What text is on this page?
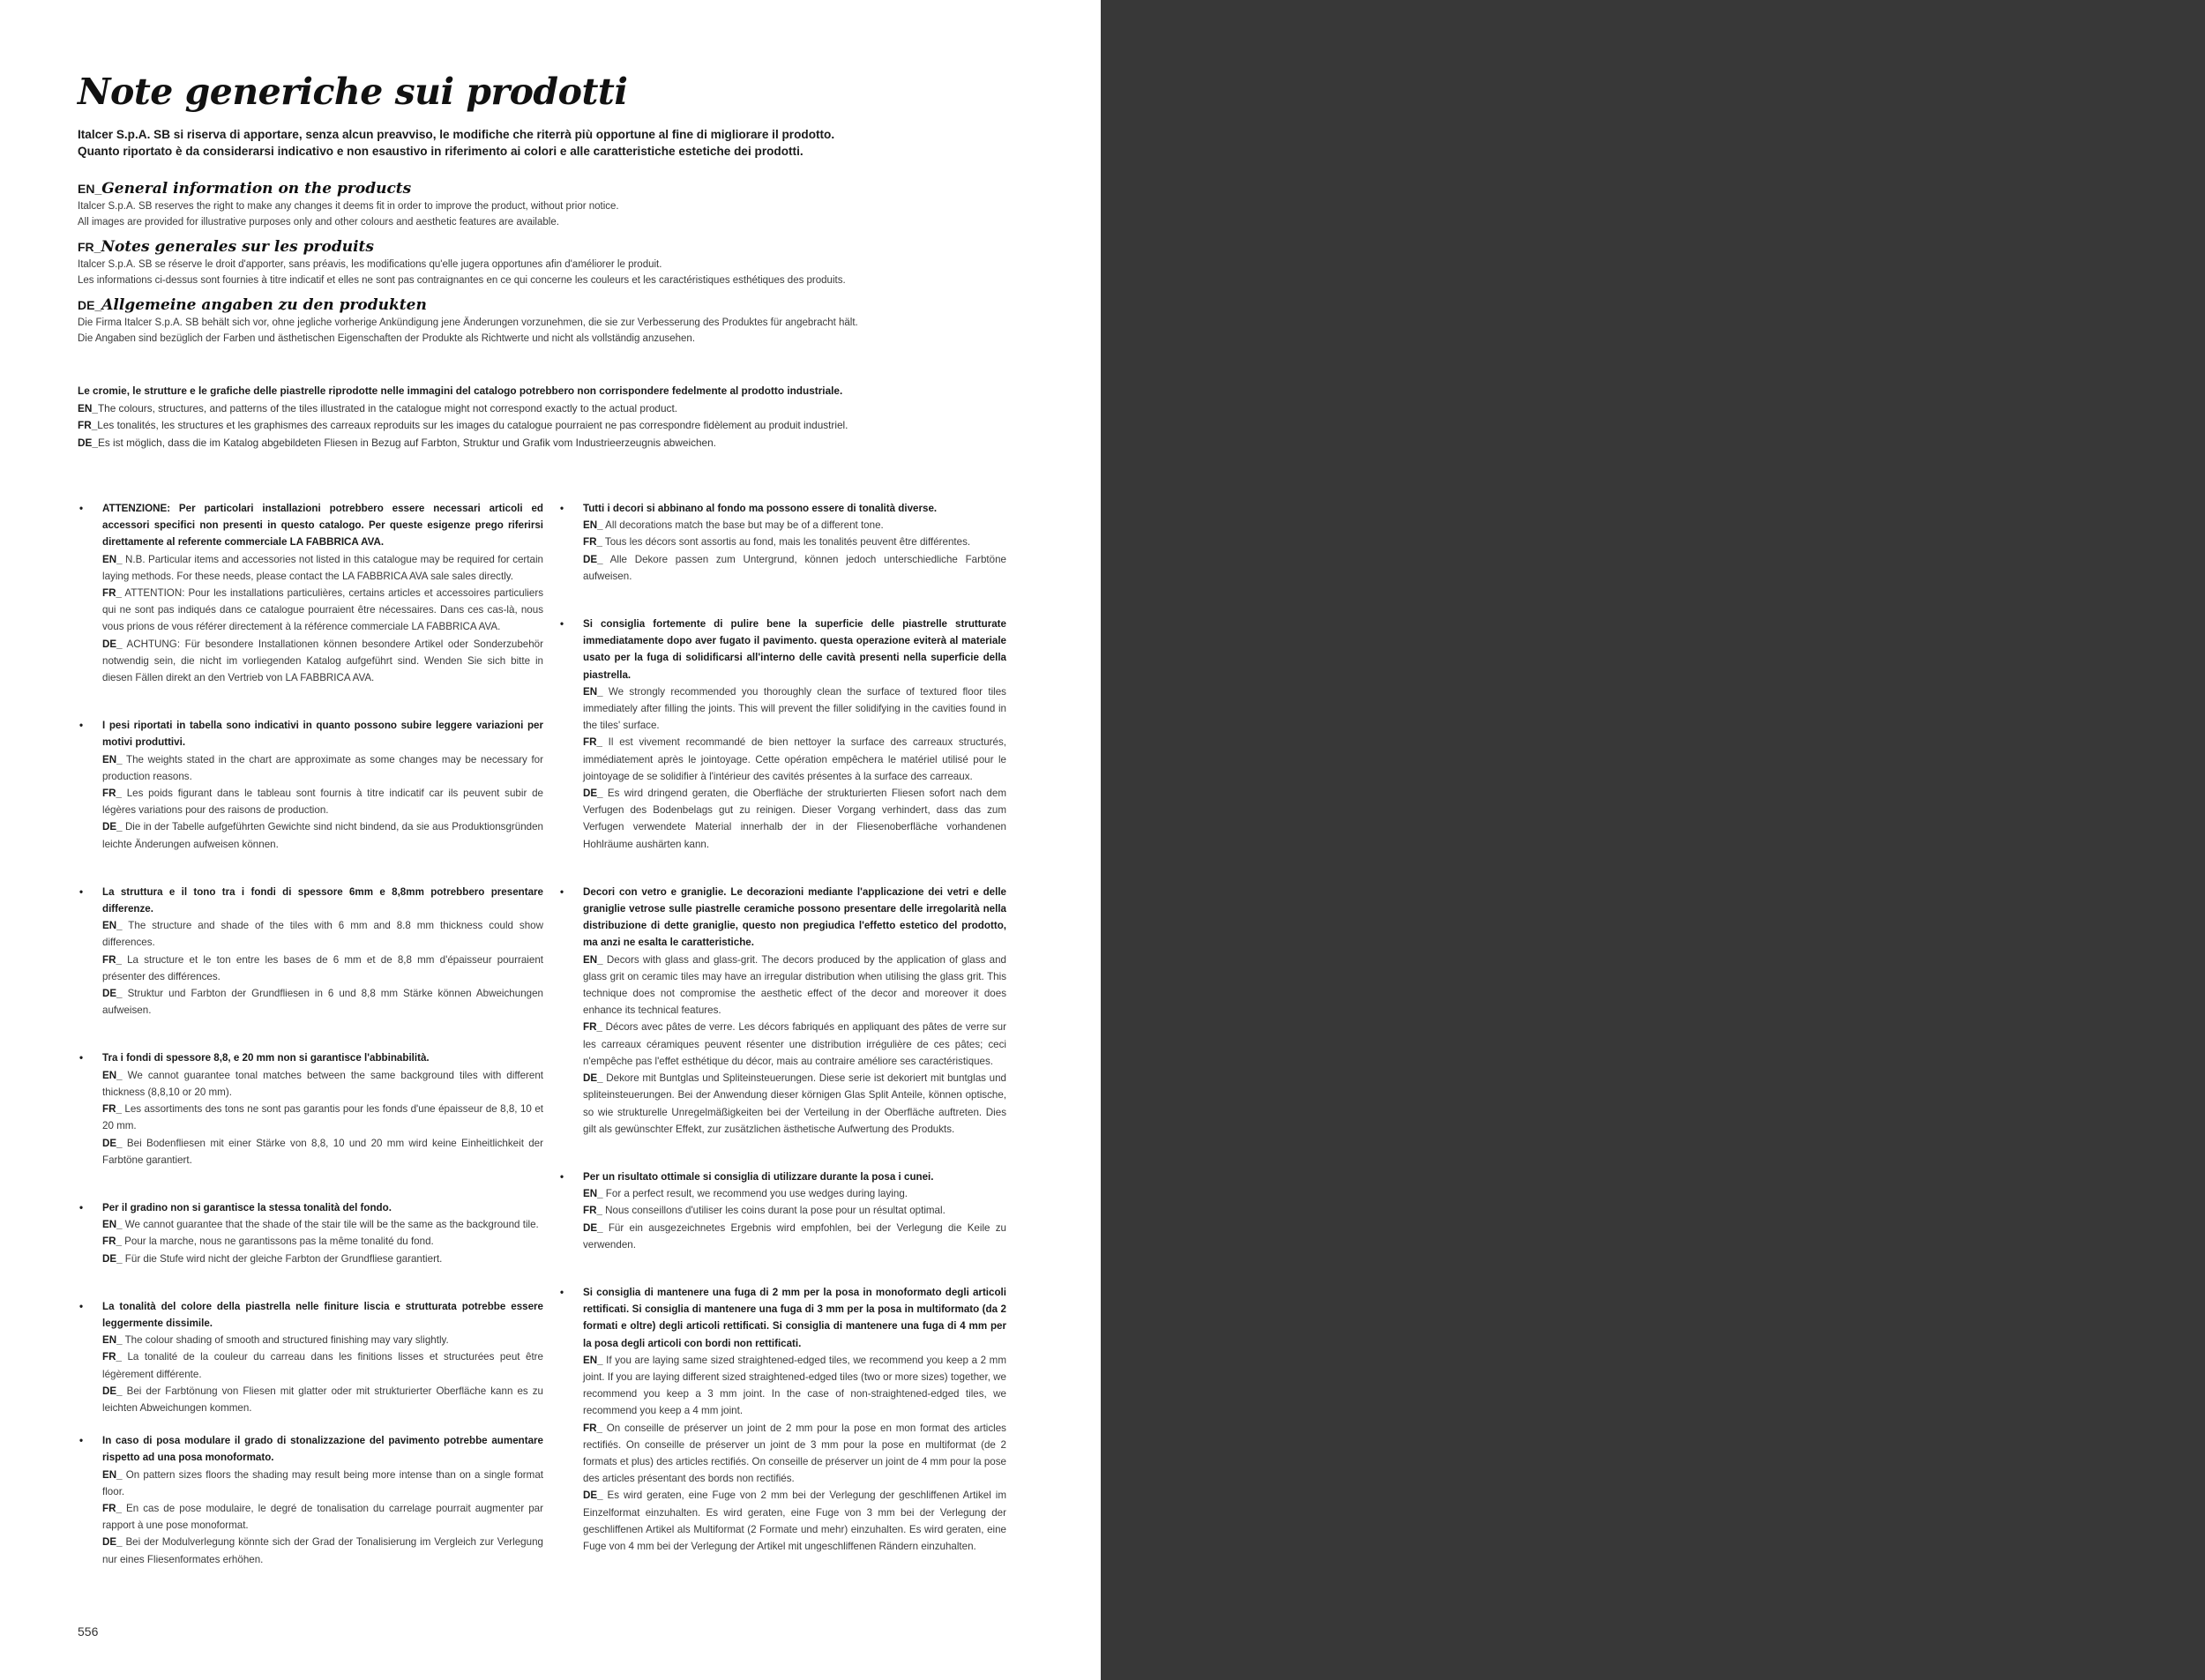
Note generiche sui prodotti

Italcer S.p.A. SB si riserva di apportare, senza alcun preavviso, le modifiche che riterrà più opportune al fine di migliorare il prodotto.

Quanto riportato è da considerarsi indicativo e non esaustivo in riferimento ai colori e alle caratteristiche estetiche dei prodotti.

EN_General information on the products

Italcer S.p.A. SB reserves the right to make any changes it deems fit in order to improve the product, without prior notice.

All images are provided for illustrative purposes only and other colours and aesthetic features are available.

FR_Notes generales sur les produits

Italcer S.p.A. SB se réserve le droit d'apporter, sans préavis, les modifications qu'elle jugera opportunes afin d'améliorer le produit.

Les informations ci-dessus sont fournies à titre indicatif et elles ne sont pas contraignantes en ce qui concerne les couleurs et les caractéristiques esthétiques des produits.

DE_Allgemeine angaben zu den produkten

Die Firma Italcer S.p.A. SB behält sich vor, ohne jegliche vorherige Ankündigung jene Änderungen vorzunehmen, die sie zur Verbesserung des Produktes für angebracht hält.

Die Angaben sind bezüglich der Farben und ästhetischen Eigenschaften der Produkte als Richtwerte und nicht als vollständig anzusehen.

Le cromie, le strutture e le grafiche delle piastrelle riprodotte nelle immagini del catalogo potrebbero non corrispondere fedelmente al prodotto industriale.

EN_The colours, structures, and patterns of the tiles illustrated in the catalogue might not correspond exactly to the actual product.

FR_Les tonalités, les structures et les graphismes des carreaux reproduits sur les images du catalogue pourraient ne pas correspondre fidèlement au produit industriel.

DE_Es ist möglich, dass die im Katalog abgebildeten Fliesen in Bezug auf Farbton, Struktur und Grafik vom Industrieerzeugnis abweichen.

• ATTENZIONE: Per particolari installazioni potrebbero essere necessari articoli ed accessori specifici non presenti in questo catalogo. Per queste esigenze prego riferirsi direttamente al referente commerciale LA FABBRICA AVA.

EN_ N.B. Particular items and accessories not listed in this catalogue may be required for certain laying methods. For these needs, please contact the LA FABBRICA AVA sale sales directly.

FR_ ATTENTION: Pour les installations particulières, certains articles et accessoires particuliers qui ne sont pas indiqués dans ce catalogue pourraient être nécessaires. Dans ces cas-là, nous vous prions de vous référer directement à la référence commerciale LA FABBRICA AVA.

DE_ ACHTUNG: Für besondere Installationen können besondere Artikel oder Sonderzubehör notwendig sein, die nicht im vorliegenden Katalog aufgeführt sind. Wenden Sie sich bitte in diesen Fällen direkt an den Vertrieb von LA FABBRICA AVA.

• I pesi riportati in tabella sono indicativi in quanto possono subire leggere variazioni per motivi produttivi.

EN_ The weights stated in the chart are approximate as some changes may be necessary for production reasons.

FR_ Les poids figurant dans le tableau sont fournis à titre indicatif car ils peuvent subir de légères variations pour des raisons de production.

DE_ Die in der Tabelle aufgeführten Gewichte sind nicht bindend, da sie aus Produktionsgründen leichte Änderungen aufweisen können.

• La struttura e il tono tra i fondi di spessore 6mm e 8,8mm potrebbero presentare differenze.

EN_ The structure and shade of the tiles with 6 mm and 8.8 mm thickness could show differences.

FR_ La structure et le ton entre les bases de 6 mm et de 8,8 mm d'épaisseur pourraient présenter des différences.

DE_ Struktur und Farbton der Grundfliesen in 6 und 8,8 mm Stärke können Abweichungen aufweisen.

• Tra i fondi di spessore 8,8, e 20 mm non si garantisce l'abbinabilità.

EN_ We cannot guarantee tonal matches between the same background tiles with different thickness (8,8,10 or 20 mm).

FR_ Les assortiments des tons ne sont pas garantis pour les fonds d'une épaisseur de 8,8, 10 et 20 mm.

DE_ Bei Bodenfliesen mit einer Stärke von 8,8, 10 und 20 mm wird keine Einheitlichkeit der Farbtöne garantiert.

• Per il gradino non si garantisce la stessa tonalità del fondo.

EN_ We cannot guarantee that the shade of the stair tile will be the same as the background tile.

FR_ Pour la marche, nous ne garantissons pas la même tonalité du fond.

DE_ Für die Stufe wird nicht der gleiche Farbton der Grundfliese garantiert.

• La tonalità del colore della piastrella nelle finiture liscia e strutturata potrebbe essere leggermente dissimile.

EN_ The colour shading of smooth and structured finishing may vary slightly.

FR_ La tonalité de la couleur du carreau dans les finitions lisses et structurées peut être légèrement différente.

DE_ Bei der Farbtönung von Fliesen mit glatter oder mit strukturierter Oberfläche kann es zu leichten Abweichungen kommen.

• In caso di posa modulare il grado di stonalizzazione del pavimento potrebbe aumentare rispetto ad una posa monoformato.

EN_ On pattern sizes floors the shading may result being more intense than on a single format floor.

FR_ En cas de pose modulaire, le degré de tonalisation du carrelage pourrait augmenter par rapport à une pose monoformat.

DE_ Bei der Modulverlegung könnte sich der Grad der Tonalisierung im Vergleich zur Verlegung nur eines Fliesenformates erhöhen.

• Tutti i decori si abbinano al fondo ma possono essere di tonalità diverse.

EN_ All decorations match the base but may be of a different tone.

FR_ Tous les décors sont assortis au fond, mais les tonalités peuvent être différentes.

DE_ Alle Dekore passen zum Untergrund, können jedoch unterschiedliche Farbtöne aufweisen.

• Si consiglia fortemente di pulire bene la superficie delle piastrelle strutturate immediatamente dopo aver fugato il pavimento. questa operazione eviterà al materiale usato per la fuga di solidificarsi all'interno delle cavità presenti nella superficie della piastrella.

EN_ We strongly recommended you thoroughly clean the surface of textured floor tiles immediately after filling the joints. This will prevent the filler solidifying in the cavities found in the tiles' surface.

FR_ Il est vivement recommandé de bien nettoyer la surface des carreaux structurés, immédiatement après le jointoyage. Cette opération empêchera le matériel utilisé pour le jointoyage de se solidifier à l'intérieur des cavités présentes à la surface des carreaux.

DE_ Es wird dringend geraten, die Oberfläche der strukturierten Fliesen sofort nach dem Verfugen des Bodenbelags gut zu reinigen. Dieser Vorgang verhindert, dass das zum Verfugen verwendete Material innerhalb der in der Fliesenoberfläche vorhandenen Hohlräume aushärten kann.

• Decori con vetro e graniglie. Le decorazioni mediante l'applicazione dei vetri e delle graniglie vetrose sulle piastrelle ceramiche possono presentare delle irregolarità nella distribuzione di dette graniglie, questo non pregiudica l'effetto estetico del prodotto, ma anzi ne esalta le caratteristiche.

EN_ Decors with glass and glass-grit. The decors produced by the application of glass and glass grit on ceramic tiles may have an irregular distribution when utilising the glass grit. This technique does not compromise the aesthetic effect of the decor and moreover it does enhance its technical features.

FR_ Décors avec pâtes de verre. Les décors fabriqués en appliquant des pâtes de verre sur les carreaux céramiques peuvent résenter une distribution irrégulière de ces pâtes; ceci n'empêche pas l'effet esthétique du décor, mais au contraire améliore ses caractéristiques.

DE_ Dekore mit Buntglas und Spliteinsteuerungen. Diese serie ist dekoriert mit buntglas und spliteinsteuerungen. Bei der Anwendung dieser körnigen Glas Split Anteile, können optische, so wie strukturelle Unregelmäßigkeiten bei der Verteilung in der Oberfläche auftreten. Dies gilt als gewünschter Effekt, zur zusätzlichen ästhetische Aufwertung des Produkts.

• Per un risultato ottimale si consiglia di utilizzare durante la posa i cunei.

EN_ For a perfect result, we recommend you use wedges during laying.

FR_ Nous conseillons d'utiliser les coins durant la pose pour un résultat optimal.

DE_ Für ein ausgezeichnetes Ergebnis wird empfohlen, bei der Verlegung die Keile zu verwenden.

• Si consiglia di mantenere una fuga di 2 mm per la posa in monoformato degli articoli rettificati. Si consiglia di mantenere una fuga di 3 mm per la posa in multiformato (da 2 formati e oltre) degli articoli rettificati. Si consiglia di mantenere una fuga di 4 mm per la posa degli articoli con bordi non rettificati.

EN_ If you are laying same sized straightened-edged tiles, we recommend you keep a 2 mm joint. If you are laying different sized straightened-edged tiles (two or more sizes) together, we recommend you keep a 3 mm joint. In the case of non-straightened-edged tiles, we recommend you keep a 4 mm joint.

FR_ On conseille de préserver un joint de 2 mm pour la pose en mon format des articles rectifiés. On conseille de préserver un joint de 3 mm pour la pose en multiformat (de 2 formats et plus) des articles rectifiés. On conseille de préserver un joint de 4 mm pour la pose des articles présentant des bords non rectifiés.

DE_ Es wird geraten, eine Fuge von 2 mm bei der Verlegung der geschliffenen Artikel im Einzelformat einzuhalten. Es wird geraten, eine Fuge von 3 mm bei der Verlegung der geschliffenen Artikel als Multiformat (2 Formate und mehr) einzuhalten. Es wird geraten, eine Fuge von 4 mm bei der Verlegung der Artikel mit ungeschliffenen Rändern einzuhalten.

556
